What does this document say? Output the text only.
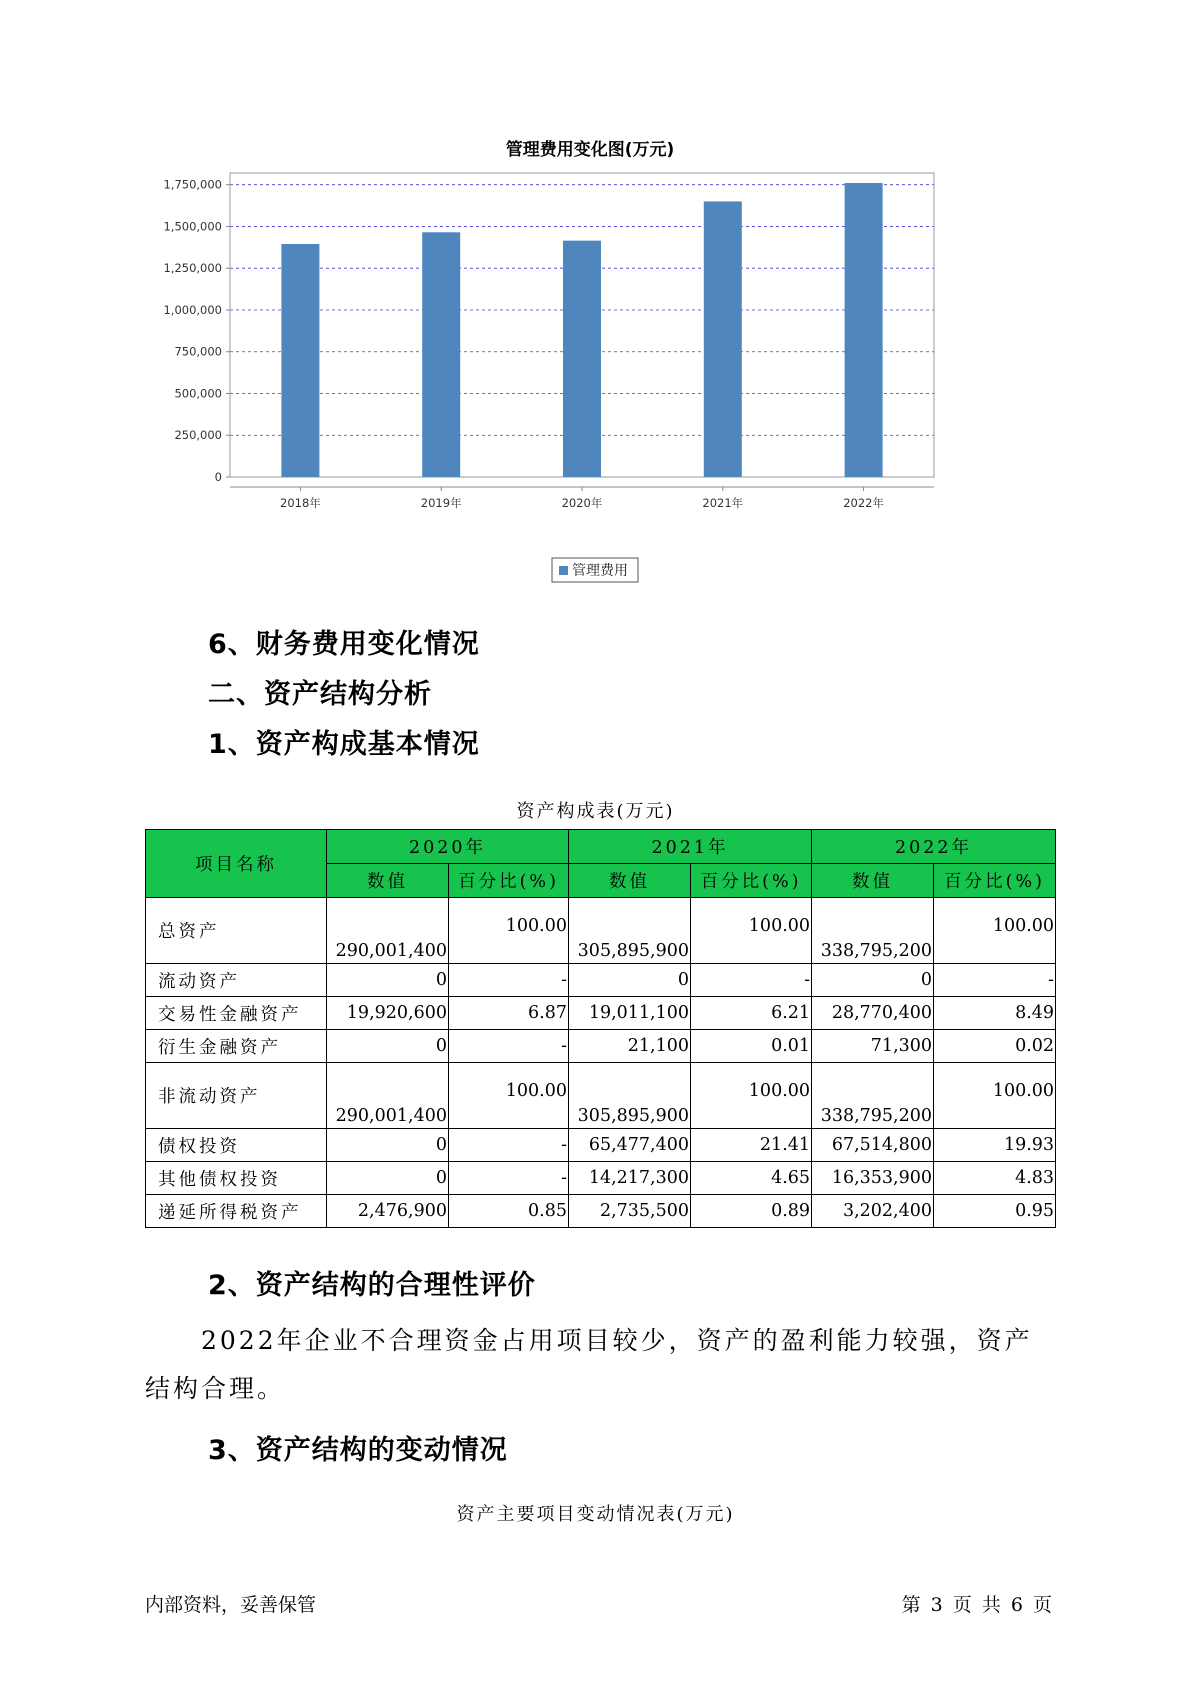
管理费用变化图(万元)
0
250,000
500,000
750,000
1,000,000
1,250,000
1,500,000
1,750,000
2018年	2019年	2020年	2021年	2022年
管理费用
6、财务费用变化情况
二、资产结构分析
1、资产构成基本情况
资产构成表(万元)
项目名称	2020年		2021年		2022年	
	数值	百分比(%)	数值	百分比(%)	数值	百分比(%)
总资产	290,001,400	100.00	305,895,900	100.00	338,795,200	100.00
流动资产	0	-	0	-	0	-
交易性金融资产	19,920,600	6.87	19,011,100	6.21	28,770,400	8.49
衍生金融资产	0	-	21,100	0.01	71,300	0.02
非流动资产	290,001,400	100.00	305,895,900	100.00	338,795,200	100.00
债权投资	0	-	65,477,400	21.41	67,514,800	19.93
其他债权投资	0	-	14,217,300	4.65	16,353,900	4.83
递延所得税资产	2,476,900	0.85	2,735,500	0.89	3,202,400	0.95
2、资产结构的合理性评价

2022年企业不合理资金占用项目较少，资产的盈利能力较强，资产结构合理。

3、资产结构的变动情况
资产主要项目变动情况表(万元)
内部资料，妥善保管	第 3 页 共 6 页
